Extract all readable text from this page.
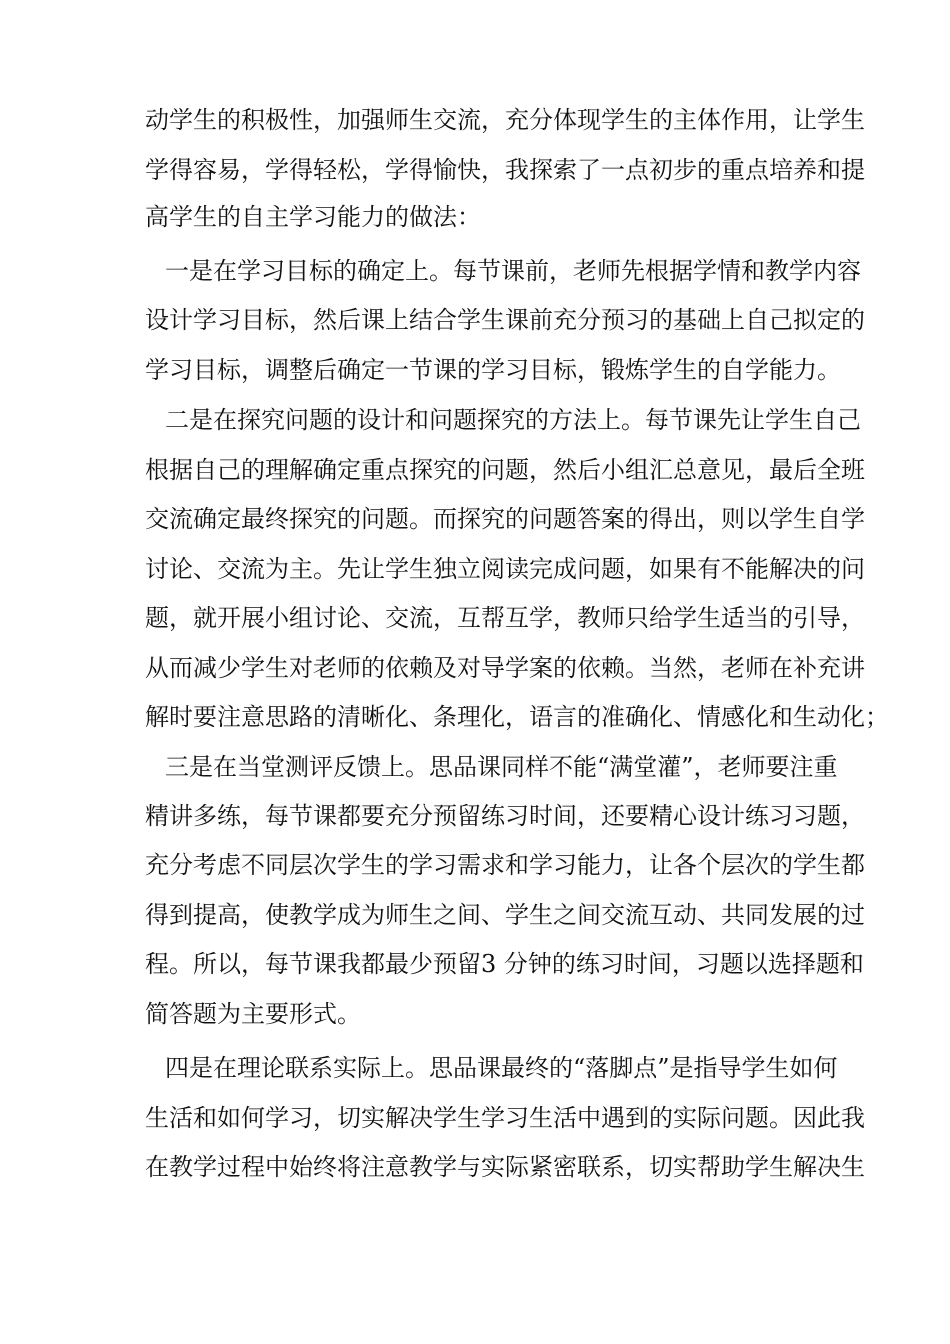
动学生的积极性，加强师生交流，充分体现学生的主体作用，让学生
学得容易，学得轻松，学得愉快，我探索了一点初步的重点培养和提
高学生的自主学习能力的做法：
一是在学习目标的确定上。每节课前，老师先根据学情和教学内容
设计学习目标，然后课上结合学生课前充分预习的基础上自己拟定的
学习目标，调整后确定一节课的学习目标，锻炼学生的自学能力。
二是在探究问题的设计和问题探究的方法上。每节课先让学生自己
根据自己的理解确定重点探究的问题，然后小组汇总意见，最后全班
交流确定最终探究的问题。而探究的问题答案的得出，则以学生自学
讨论、交流为主。先让学生独立阅读完成问题，如果有不能解决的问
题，就开展小组讨论、交流，互帮互学，教师只给学生适当的引导，
从而减少学生对老师的依赖及对导学案的依赖。当然，老师在补充讲
解时要注意思路的清晰化、条理化，语言的准确化、情感化和生动化；
三是在当堂测评反馈上。思品课同样不能“满堂灌”，老师要注重
精讲多练，每节课都要充分预留练习时间，还要精心设计练习习题，
充分考虑不同层次学生的学习需求和学习能力，让各个层次的学生都
得到提高，使教学成为师生之间、学生之间交流互动、共同发展的过
程。所以，每节课我都最少预留3 分钟的练习时间，习题以选择题和
简答题为主要形式。
四是在理论联系实际上。思品课最终的“落脚点”是指导学生如何
生活和如何学习，切实解决学生学习生活中遇到的实际问题。因此我
在教学过程中始终将注意教学与实际紧密联系，切实帮助学生解决生
